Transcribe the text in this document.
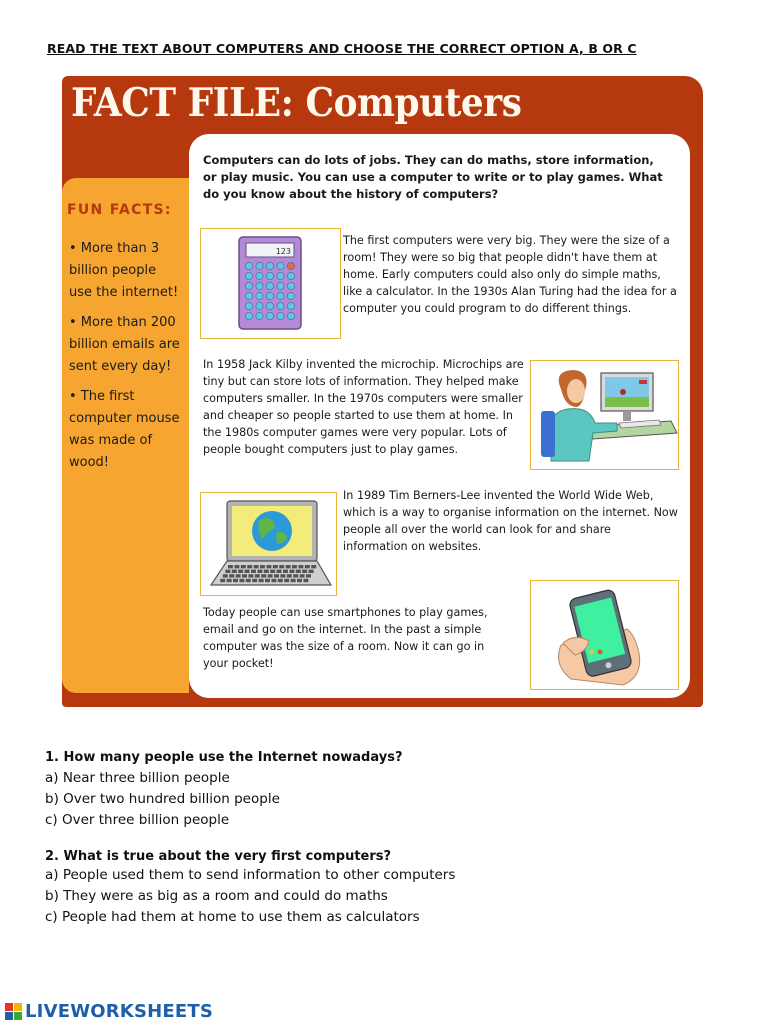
READ THE TEXT ABOUT COMPUTERS AND CHOOSE THE CORRECT OPTION A, B OR C
FACT FILE: Computers
FUN FACTS:
• More than 3 billion people use the internet!
• More than 200 billion emails are sent every day!
• The first computer mouse was made of wood!

Computers can do lots of jobs. They can do maths, store information, or play music. You can use a computer to write or to play games. What do you know about the history of computers?

123

The first computers were very big. They were the size of a room! They were so big that people didn't have them at home. Early computers could also only do simple maths, like a calculator. In the 1930s Alan Turing had the idea for a computer you could program to do different things.

In 1958 Jack Kilby invented the microchip. Microchips are tiny but can store lots of information. They helped make computers smaller. In the 1970s computers were smaller and cheaper so people started to use them at home. In the 1980s computer games were very popular. Lots of people bought computers just to play games.

In 1989 Tim Berners-Lee invented the World Wide Web, which is a way to organise information on the internet. Now people all over the world can look for and share information on websites.

Today people can use smartphones to play games, email and go on the internet. In the past a simple computer was the size of a room. Now it can go in your pocket!

1. How many people use the Internet nowadays?
a) Near three billion people
b) Over two hundred billion people
c) Over three billion people
2. What is true about the very first computers?
a) People used them to send information to other computers
b) They were as big as a room and could do maths
c) People had them at home to use them as calculators
LIVEWORKSHEETS
